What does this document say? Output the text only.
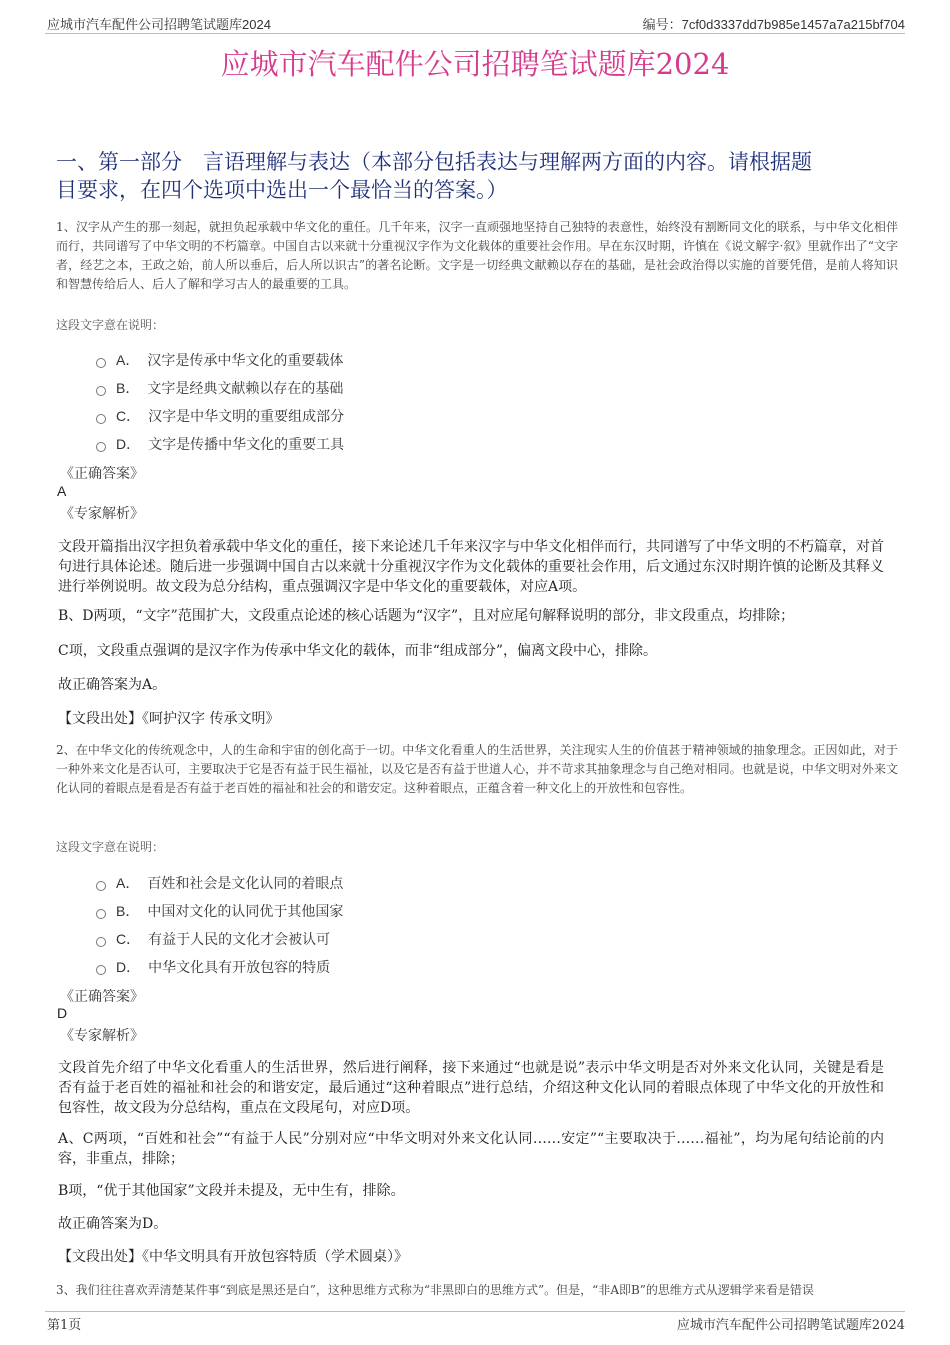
应城市汽车配件公司招聘笔试题库2024	编号：7cf0d3337dd7b985e1457a7a215bf704
应城市汽车配件公司招聘笔试题库2024
一、第一部分　言语理解与表达（本部分包括表达与理解两方面的内容。请根据题
目要求，在四个选项中选出一个最恰当的答案。）
1、汉字从产生的那一刻起，就担负起承载中华文化的重任。几千年来，汉字一直顽强地坚持自己独特的表意性，始终没有割断同文化的联系，与中华文化相伴而行，共同谱写了中华文明的不朽篇章。中国自古以来就十分重视汉字作为文化载体的重要社会作用。早在东汉时期，许慎在《说文解字·叙》里就作出了“文字者，经艺之本，王政之始，前人所以垂后，后人所以识古”的著名论断。文字是一切经典文献赖以存在的基础，是社会政治得以实施的首要凭借，是前人将知识和智慧传给后人、后人了解和学习古人的最重要的工具。
这段文字意在说明：
A． 汉字是传承中华文化的重要载体
B． 文字是经典文献赖以存在的基础
C． 汉字是中华文明的重要组成部分
D． 文字是传播中华文化的重要工具
《正确答案》
A
《专家解析》
文段开篇指出汉字担负着承载中华文化的重任，接下来论述几千年来汉字与中华文化相伴而行，共同谱写了中华文明的不朽篇章，对首句进行具体论述。随后进一步强调中国自古以来就十分重视汉字作为文化载体的重要社会作用，后文通过东汉时期许慎的论断及其释义进行举例说明。故文段为总分结构，重点强调汉字是中华文化的重要载体，对应A项。
B、D两项，“文字”范围扩大，文段重点论述的核心话题为“汉字”，且对应尾句解释说明的部分，非文段重点，均排除；
C项，文段重点强调的是汉字作为传承中华文化的载体，而非“组成部分”，偏离文段中心，排除。
故正确答案为A。
【文段出处】《呵护汉字 传承文明》
2、在中华文化的传统观念中，人的生命和宇宙的创化高于一切。中华文化看重人的生活世界，关注现实人生的价值甚于精神领域的抽象理念。正因如此，对于一种外来文化是否认可，主要取决于它是否有益于民生福祉，以及它是否有益于世道人心，并不苛求其抽象理念与自己绝对相同。也就是说，中华文明对外来文化认同的着眼点是看是否有益于老百姓的福祉和社会的和谐安定。这种着眼点，正蕴含着一种文化上的开放性和包容性。
这段文字意在说明：
A． 百姓和社会是文化认同的着眼点
B． 中国对文化的认同优于其他国家
C． 有益于人民的文化才会被认可
D． 中华文化具有开放包容的特质
《正确答案》
D
《专家解析》
文段首先介绍了中华文化看重人的生活世界，然后进行阐释，接下来通过“也就是说”表示中华文明是否对外来文化认同，关键是看是否有益于老百姓的福祉和社会的和谐安定，最后通过“这种着眼点”进行总结，介绍这种文化认同的着眼点体现了中华文化的开放性和包容性，故文段为分总结构，重点在文段尾句，对应D项。
A、C两项，“百姓和社会”“有益于人民”分别对应“中华文明对外来文化认同……安定”“主要取决于……福祉”，均为尾句结论前的内容，非重点，排除；
B项，“优于其他国家”文段并未提及，无中生有，排除。
故正确答案为D。
【文段出处】《中华文明具有开放包容特质（学术圆桌）》
3、我们往往喜欢弄清楚某件事“到底是黑还是白”，这种思维方式称为“非黑即白的思维方式”。但是，“非A即B”的思维方式从逻辑学来看是错误
第1页	应城市汽车配件公司招聘笔试题库2024
